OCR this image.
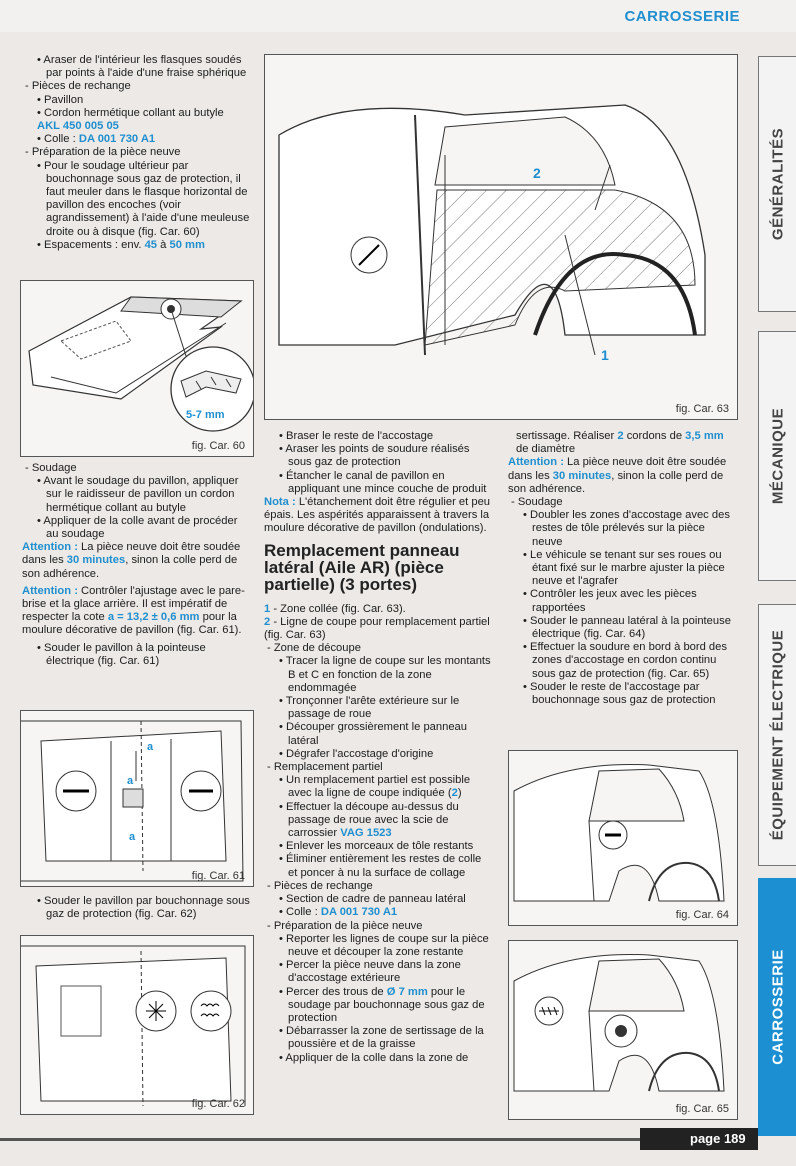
CARROSSERIE
GÉNÉRALITÉS
MÉCANIQUE
ÉQUIPEMENT ÉLECTRIQUE
CARROSSERIE

• Araser de l'intérieur les flasques soudés par points à l'aide d'une fraise sphérique

- Pièces de rechange

• Pavillon

• Cordon hermétique collant au butyle

AKL 450 005 05

• Colle : DA 001 730 A1

- Préparation de la pièce neuve

• Pour le soudage ultérieur par bouchonnage sous gaz de protection, il faut meuler dans le flasque horizontal de pavillon des encoches (voir agrandissement) à l'aide d'une meuleuse droite ou à disque (fig. Car. 60)

• Espacements : env. 45 à 50 mm

5-7 mm
fig. Car. 60

- Soudage

• Avant le soudage du pavillon, appliquer sur le raidisseur de pavillon un cordon hermétique collant au butyle

• Appliquer de la colle avant de procéder au soudage

Attention : La pièce neuve doit être soudée dans les 30 minutes, sinon la colle perd de son adhérence.

Attention : Contrôler l'ajustage avec le pare-brise et la glace arrière. Il est impératif de respecter la cote a = 13,2 ± 0,6 mm pour la moulure décorative de pavillon (fig. Car. 61).

• Souder le pavillon à la pointeuse électrique (fig. Car. 61)

a
a
a
fig. Car. 61

• Souder le pavillon par bouchonnage sous gaz de protection (fig. Car. 62)

fig. Car. 62
1
2
fig. Car. 63

• Braser le reste de l'accostage

• Araser les points de soudure réalisés sous gaz de protection

• Étancher le canal de pavillon en appliquant une mince couche de produit

Nota : L'étanchement doit être régulier et peu épais. Les aspérités apparaissent à travers la moulure décorative de pavillon (ondulations).

Remplacement panneau latéral (Aile AR) (pièce partielle) (3 portes)

1 - Zone collée (fig. Car. 63).

2 - Ligne de coupe pour remplacement partiel (fig. Car. 63)

- Zone de découpe

• Tracer la ligne de coupe sur les montants B et C en fonction de la zone endommagée

• Tronçonner l'arête extérieure sur le passage de roue

• Découper grossièrement le panneau latéral

• Dégrafer l'accostage d'origine

- Remplacement partiel

• Un remplacement partiel est possible avec la ligne de coupe indiquée (2)

• Effectuer la découpe au-dessus du passage de roue avec la scie de carrossier VAG 1523

• Enlever les morceaux de tôle restants

• Éliminer entièrement les restes de colle et poncer à nu la surface de collage

- Pièces de rechange

• Section de cadre de panneau latéral

• Colle : DA 001 730 A1

- Préparation de la pièce neuve

• Reporter les lignes de coupe sur la pièce neuve et découper la zone restante

• Percer la pièce neuve dans la zone d'accostage extérieure

• Percer des trous de Ø 7 mm pour le soudage par bouchonnage sous gaz de protection

• Débarrasser la zone de sertissage de la poussière et de la graisse

• Appliquer de la colle dans la zone de

sertissage. Réaliser 2 cordons de 3,5 mm de diamètre

Attention : La pièce neuve doit être soudée dans les 30 minutes, sinon la colle perd de son adhérence.

- Soudage

• Doubler les zones d'accostage avec des restes de tôle prélevés sur la pièce neuve

• Le véhicule se tenant sur ses roues ou étant fixé sur le marbre ajuster la pièce neuve et l'agrafer

• Contrôler les jeux avec les pièces rapportées

• Souder le panneau latéral à la pointeuse électrique (fig. Car. 64)

• Effectuer la soudure en bord à bord des zones d'accostage en cordon continu sous gaz de protection (fig. Car. 65)

• Souder le reste de l'accostage par bouchonnage sous gaz de protection

fig. Car. 64
fig. Car. 65
page 189
